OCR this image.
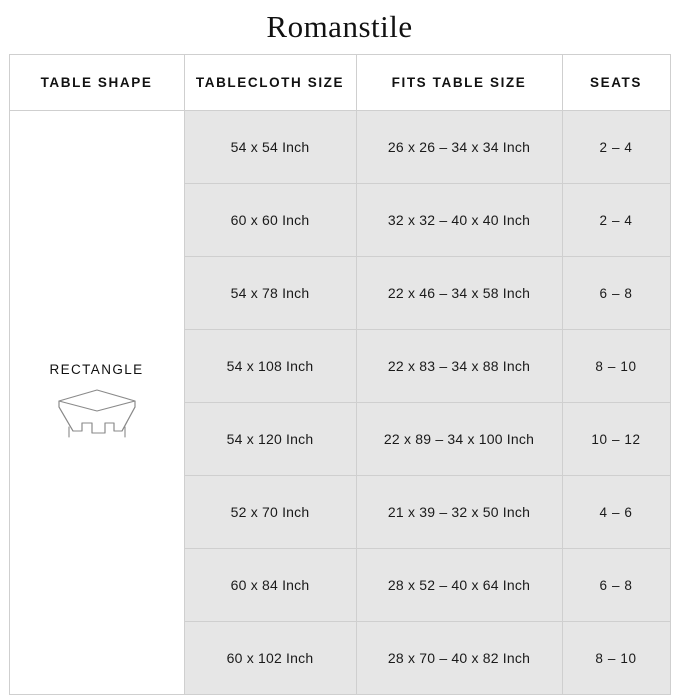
Romanstile
TABLE SHAPE	TABLECLOTH SIZE	FITS TABLE SIZE	SEATS

RECTANGLE	54 x 54 Inch	26 x 26 – 34 x 34 Inch	2 – 4
	60 x 60 Inch	32 x 32 – 40 x 40 Inch	2 – 4
	54 x 78 Inch	22 x 46 – 34 x 58 Inch	6 – 8
	54 x 108 Inch	22 x 83 – 34 x 88 Inch	8 – 10
	54 x 120 Inch	22 x 89 – 34 x 100 Inch	10 – 12
	52 x 70 Inch	21 x 39 – 32 x 50 Inch	4 – 6
	60 x 84 Inch	28 x 52 – 40 x 64 Inch	6 – 8
	60 x 102 Inch	28 x 70 – 40 x 82 Inch	8 – 10
